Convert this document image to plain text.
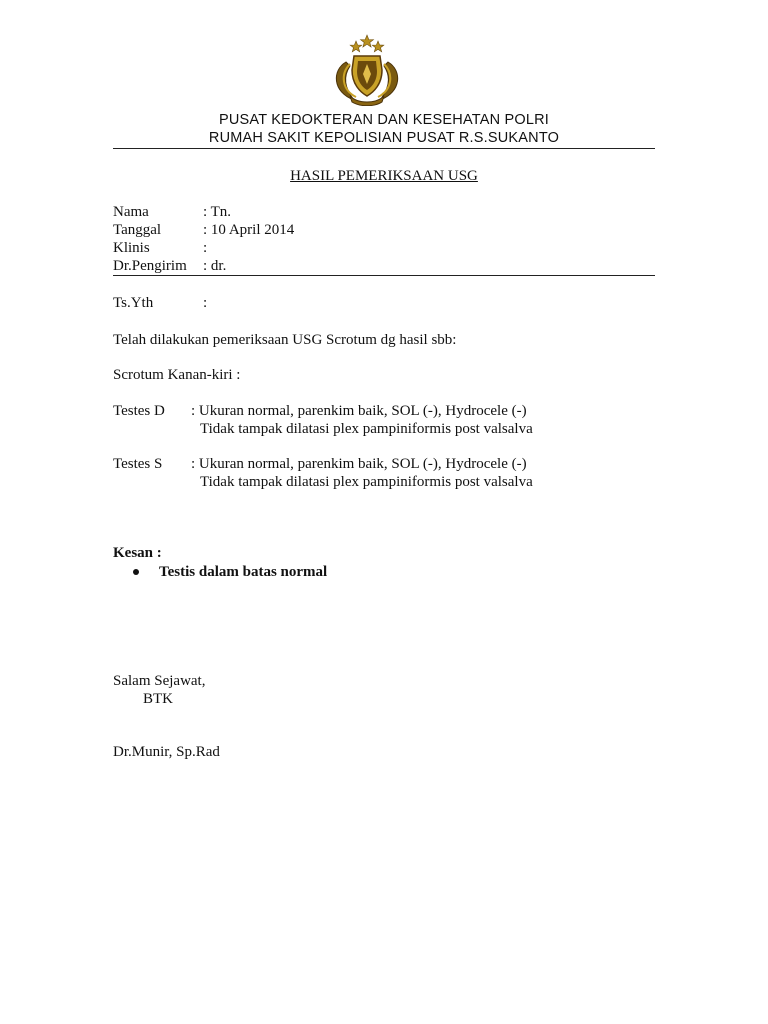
PUSAT KEDOKTERAN DAN KESEHATAN POLRI
RUMAH SAKIT KEPOLISIAN PUSAT R.S.SUKANTO
HASIL PEMERIKSAAN USG
Nama	: Tn.
Tanggal	: 10 April 2014
Klinis	:
Dr.Pengirim : dr.
Ts.Yth	:
Telah dilakukan pemeriksaan USG Scrotum dg hasil sbb:
Scrotum Kanan-kiri :
Testes D : Ukuran normal, parenkim baik, SOL (-), Hydrocele (-)
Tidak tampak dilatasi plex pampiniformis post valsalva
Testes S : Ukuran normal, parenkim baik, SOL (-), Hydrocele (-)
Tidak tampak dilatasi plex pampiniformis post valsalva
Kesan :
Testis dalam batas normal
Salam Sejawat,
BTK
Dr.Munir, Sp.Rad
